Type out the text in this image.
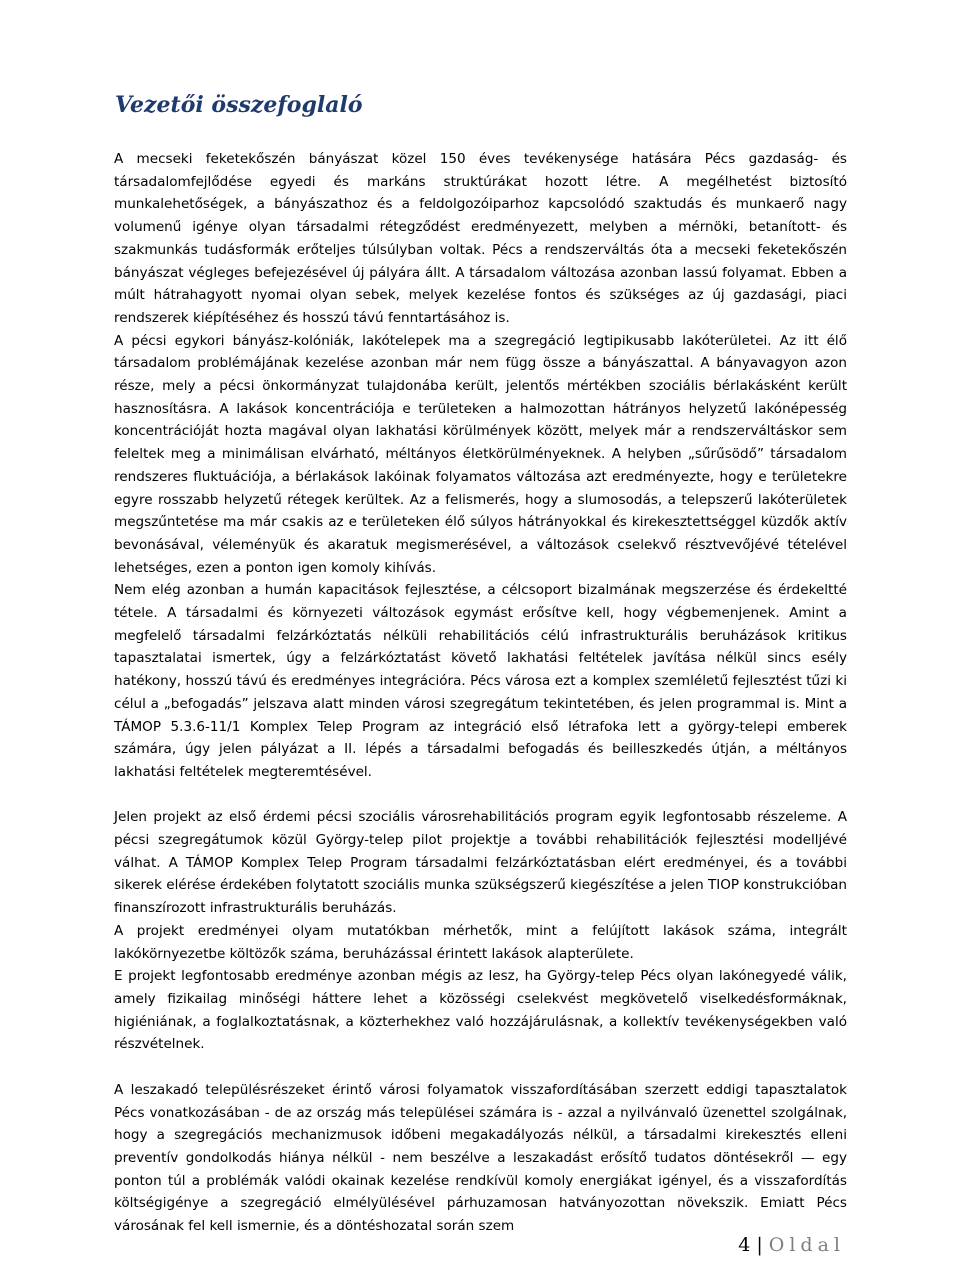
Vezetői összefoglaló

A mecseki feketekőszén bányászat közel 150 éves tevékenysége hatására Pécs gazdaság- és társadalomfejlődése egyedi és markáns struktúrákat hozott létre. A megélhetést biztosító munkalehetőségek, a bányászathoz és a feldolgozóiparhoz kapcsolódó szaktudás és munkaerő nagy volumenű igénye olyan társadalmi rétegződést eredményezett, melyben a mérnöki, betanított- és szakmunkás tudásformák erőteljes túlsúlyban voltak. Pécs a rendszerváltás óta a mecseki feketekőszén bányászat végleges befejezésével új pályára állt. A társadalom változása azonban lassú folyamat. Ebben a múlt hátrahagyott nyomai olyan sebek, melyek kezelése fontos és szükséges az új gazdasági, piaci rendszerek kiépítéséhez és hosszú távú fenntartásához is.

A pécsi egykori bányász-kolóniák, lakótelepek ma a szegregáció legtipikusabb lakóterületei. Az itt élő társadalom problémájának kezelése azonban már nem függ össze a bányászattal. A bányavagyon azon része, mely a pécsi önkormányzat tulajdonába került, jelentős mértékben szociális bérlakásként került hasznosításra. A lakások koncentrációja e területeken a halmozottan hátrányos helyzetű lakónépesség koncentrációját hozta magával olyan lakhatási körülmények között, melyek már a rendszerváltáskor sem feleltek meg a minimálisan elvárható, méltányos életkörülményeknek. A helyben „sűrűsödő” társadalom rendszeres fluktuációja, a bérlakások lakóinak folyamatos változása azt eredményezte, hogy e területekre egyre rosszabb helyzetű rétegek kerültek. Az a felismerés, hogy a slumosodás, a telepszerű lakóterületek megszűntetése ma már csakis az e területeken élő súlyos hátrányokkal és kirekesztettséggel küzdők aktív bevonásával, véleményük és akaratuk megismerésével, a változások cselekvő résztvevőjévé tételével lehetséges, ezen a ponton igen komoly kihívás.

Nem elég azonban a humán kapacitások fejlesztése, a célcsoport bizalmának megszerzése és érdekeltté tétele. A társadalmi és környezeti változások egymást erősítve kell, hogy végbemenjenek. Amint a megfelelő társadalmi felzárkóztatás nélküli rehabilitációs célú infrastrukturális beruházások kritikus tapasztalatai ismertek, úgy a felzárkóztatást követő lakhatási feltételek javítása nélkül sincs esély hatékony, hosszú távú és eredményes integrációra. Pécs városa ezt a komplex szemléletű fejlesztést tűzi ki célul a „befogadás” jelszava alatt minden városi szegregátum tekintetében, és jelen programmal is. Mint a TÁMOP 5.3.6-11/1 Komplex Telep Program az integráció első létrafoka lett a györgy-telepi emberek számára, úgy jelen pályázat a II. lépés a társadalmi befogadás és beilleszkedés útján, a méltányos lakhatási feltételek megteremtésével.

Jelen projekt az első érdemi pécsi szociális városrehabilitációs program egyik legfontosabb részeleme. A pécsi szegregátumok közül György-telep pilot projektje a további rehabilitációk fejlesztési modelljévé válhat. A TÁMOP Komplex Telep Program társadalmi felzárkóztatásban elért eredményei, és a további sikerek elérése érdekében folytatott szociális munka szükségszerű kiegészítése a jelen TIOP konstrukcióban finanszírozott infrastrukturális beruházás.

A projekt eredményei olyam mutatókban mérhetők, mint a felújított lakások száma, integrált lakókörnyezetbe költözők száma, beruházással érintett lakások alapterülete.

E projekt legfontosabb eredménye azonban mégis az lesz, ha György-telep Pécs olyan lakónegyedé válik, amely fizikailag minőségi háttere lehet a közösségi cselekvést megkövetelő viselkedésformáknak, higiéniának, a foglalkoztatásnak, a közterhekhez való hozzájárulásnak, a kollektív tevékenységekben való részvételnek.

A leszakadó településrészeket érintő városi folyamatok visszafordításában szerzett eddigi tapasztalatok Pécs vonatkozásában - de az ország más települései számára is - azzal a nyilvánvaló üzenettel szolgálnak, hogy a szegregációs mechanizmusok időbeni megakadályozás nélkül, a társadalmi kirekesztés elleni preventív gondolkodás hiánya nélkül - nem beszélve a leszakadást erősítő tudatos döntésekről — egy ponton túl a problémák valódi okainak kezelése rendkívül komoly energiákat igényel, és a visszafordítás költségigénye a szegregáció elmélyülésével párhuzamosan hatványozottan növekszik. Emiatt Pécs városának fel kell ismernie, és a döntéshozatal során szem

4 | Oldal
